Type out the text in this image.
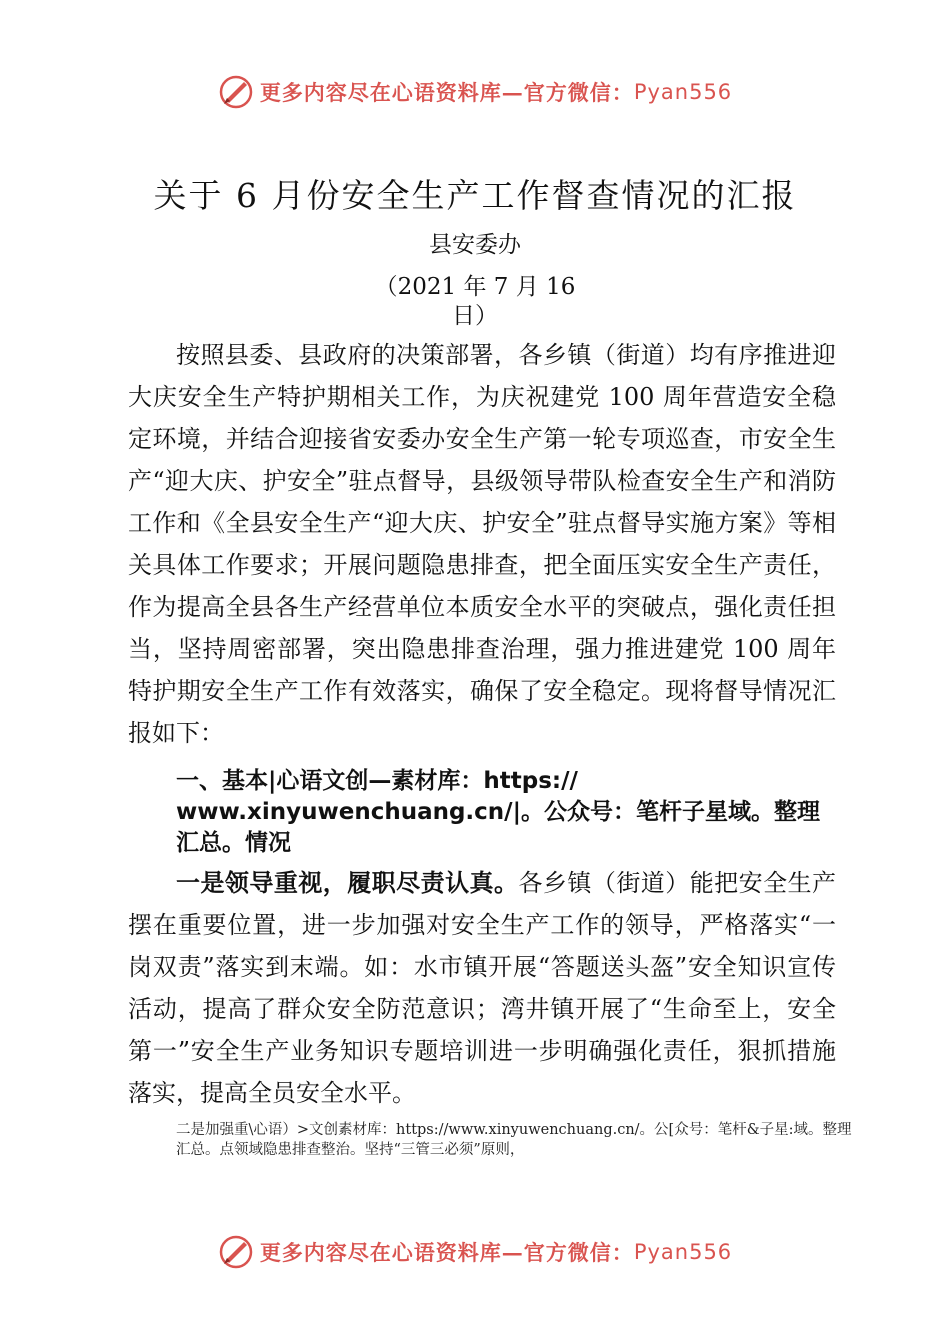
更多内容尽在心语资料库—官方微信： Pyan556
关于 6 月份安全生产工作督查情况的汇报
县安委办
（2021 年 7 月 16
日）

按照县委、县政府的决策部署，各乡镇（街道）均有序推进迎大庆安全生产特护期相关工作，为庆祝建党 100 周年营造安全稳定环境，并结合迎接省安委办安全生产第一轮专项巡查，市安全生产“迎大庆、护安全”驻点督导，县级领导带队检查安全生产和消防工作和《全县安全生产“迎大庆、护安全”驻点督导实施方案》等相关具体工作要求；开展问题隐患排查，把全面压实安全生产责任，作为提高全县各生产经营单位本质安全水平的突破点，强化责任担当，坚持周密部署，突出隐患排查治理，强力推进建党 100 周年特护期安全生产工作有效落实，确保了安全稳定。现将督导情况汇报如下：

一、基本|心语文创—素材库：https:// www.xinyuwenchuang.cn/|。公众号：笔杆子星域。整理汇总。情况

一是领导重视，履职尽责认真。各乡镇（街道）能把安全生产摆在重要位置，进一步加强对安全生产工作的领导，严格落实“一岗双责”落实到末端。如：水市镇开展“答题送头盔”安全知识宣传活动，提高了群众安全防范意识；湾井镇开展了“生命至上，安全第一”安全生产业务知识专题培训进一步明确强化责任，狠抓措施落实，提高全员安全水平。

二是加强重\心语）>文创素材库：https://www.xinyuwenchuang.cn/。公[众号：笔杆&子星:域。整理汇总。点领域隐患排查整治。坚持“三管三必须”原则，

更多内容尽在心语资料库—官方微信： Pyan556
